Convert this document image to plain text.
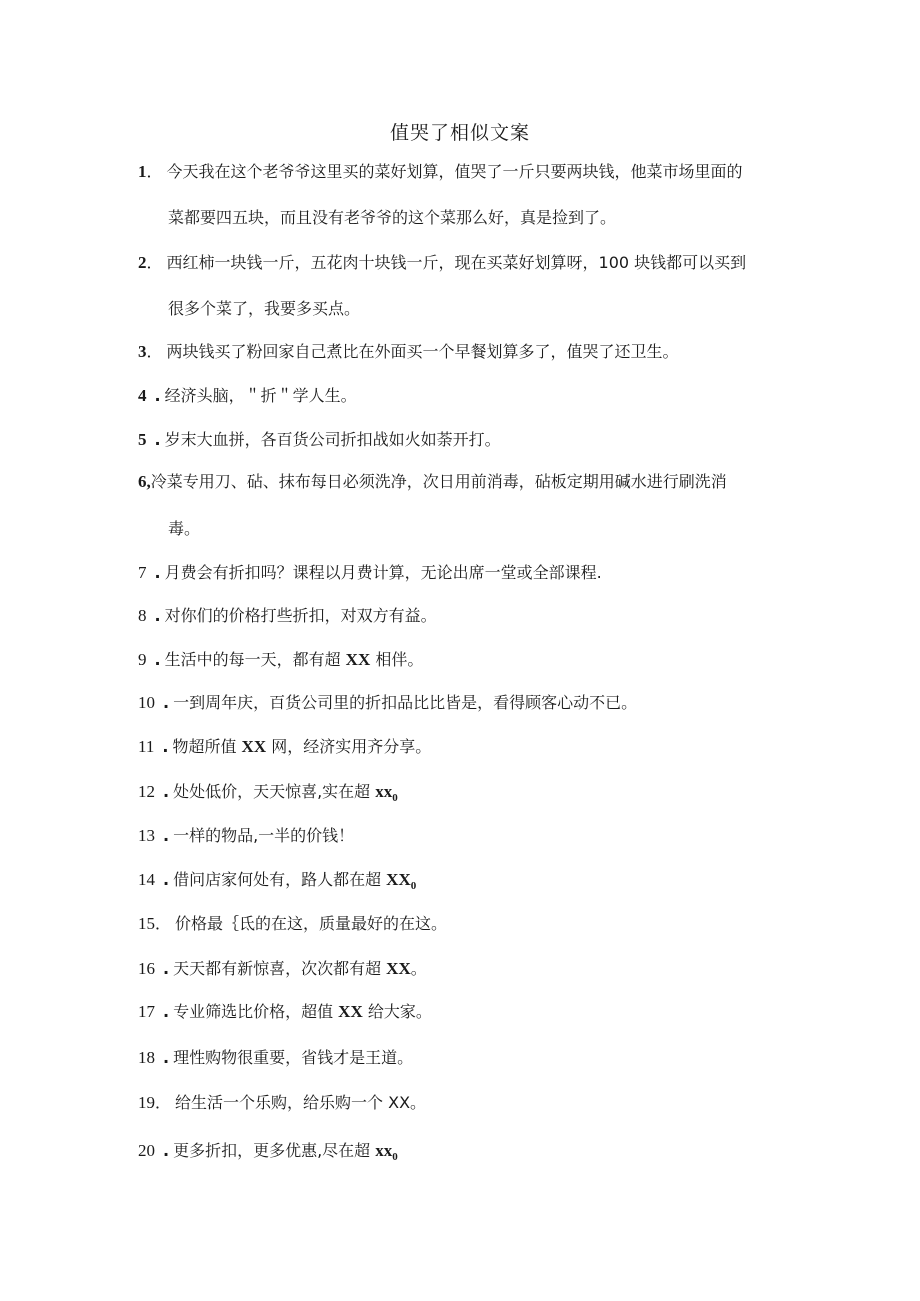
值哭了相似文案
1． 今天我在这个老爷爷这里买的菜好划算，值哭了一斤只要两块钱，他菜市场里面的
菜都要四五块，而且没有老爷爷的这个菜那么好，真是捡到了。
2． 西红柿一块钱一斤，五花肉十块钱一斤，现在买菜好划算呀，100 块钱都可以买到
很多个菜了，我要多买点。
3． 两块钱买了粉回家自己煮比在外面买一个早餐划算多了，值哭了还卫生。
4. 经济头脑，＂折＂学人生。
5. 岁末大血拼，各百货公司折扣战如火如荼开打。
6,冷菜专用刀、砧、抹布每日必须洗净，次日用前消毒，砧板定期用碱水进行刷洗消
毒。
7. 月费会有折扣吗？课程以月费计算，无论出席一堂或全部课程.
8. 对你们的价格打些折扣，对双方有益。
9. 生活中的每一天，都有超 XX 相伴。
10. 一到周年庆，百货公司里的折扣品比比皆是，看得顾客心动不已。
11. 物超所值 XX 网，经济实用齐分享。
12. 处处低价，天天惊喜,实在超 $xx_0$
13. 一样的物品,一半的价钱！
14. 借问店家何处有，路人都在超 $XX_0$
15． 价格最｛氐的在这，质量最好的在这。
16. 天天都有新惊喜，次次都有超 XX。
17. 专业筛选比价格，超值 XX 给大家。
18. 理性购物很重要，省钱才是王道。
19． 给生活一个乐购，给乐购一个 XX。
20. 更多折扣，更多优惠,尽在超 $xx_0$
